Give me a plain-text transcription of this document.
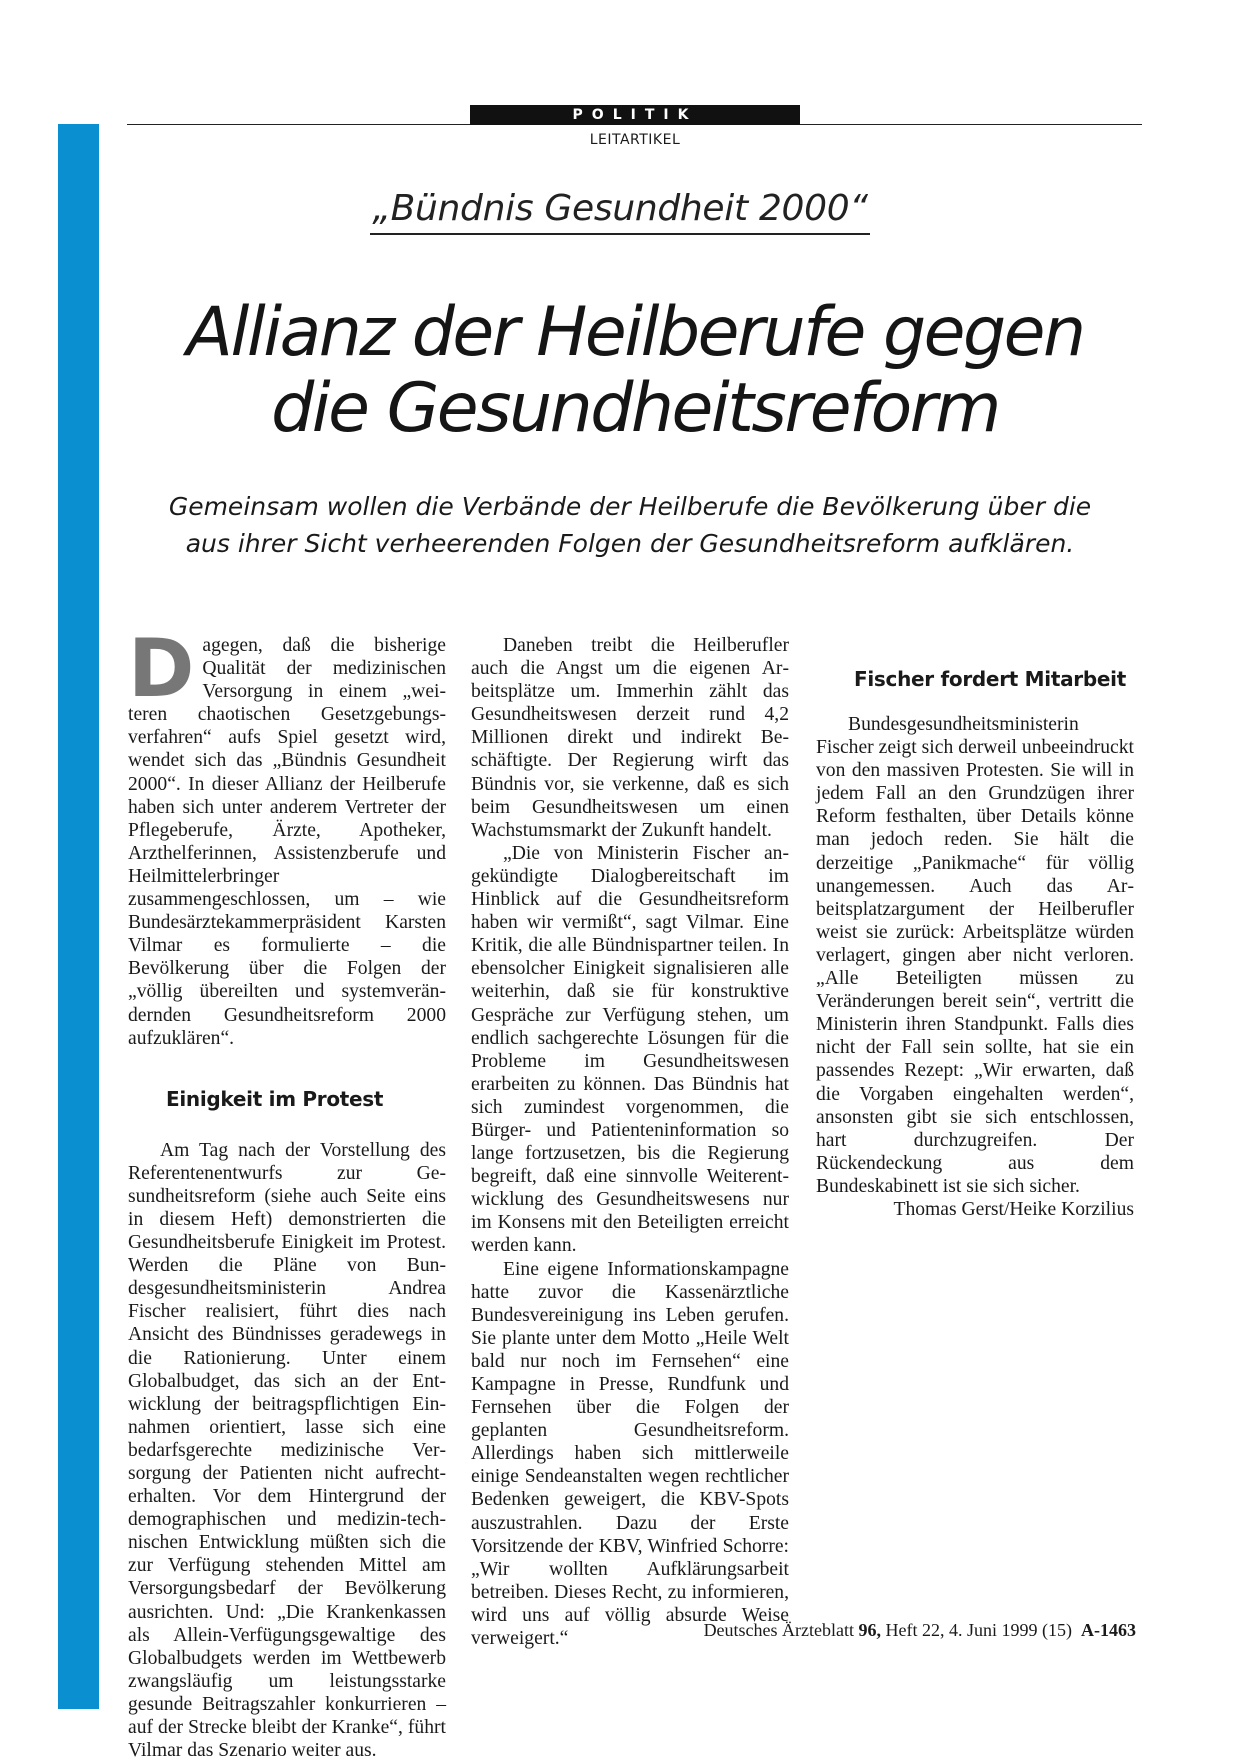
POLITIK
LEITARTIKEL
„Bündnis Gesundheit 2000“
Allianz der Heilberufe gegen
die Gesundheitsreform
Gemeinsam wollen die Verbände der Heilberufe die Bevölkerung über die
aus ihrer Sicht verheerenden Folgen der Gesundheitsreform aufklären.

Dagegen, daß die bisherige Qualität der medizinischen Versorgung in einem „weiteren chaotischen Gesetzgebungsverfahren“ aufs Spiel gesetzt wird, wendet sich das „Bündnis Gesundheit 2000“. In dieser Allianz der Heilberufe haben sich unter anderem Vertreter der Pflegeberufe, Ärzte, Apotheker, Arzthelferinnen, Assistenzberufe und Heilmittelerbringer zusammengeschlossen, um – wie Bundesärztekammerpräsident Karsten Vilmar es formulierte – die Bevölkerung über die Folgen der „völlig übereilten und systemverändernden Gesundheitsreform 2000 aufzuklären“.

Einigkeit im Protest

Am Tag nach der Vorstellung des Referentenentwurfs zur Gesundheitsreform (siehe auch Seite eins in diesem Heft) demonstrierten die Gesundheitsberufe Einigkeit im Protest. Werden die Pläne von Bundesgesundheitsministerin Andrea Fischer realisiert, führt dies nach Ansicht des Bündnisses geradewegs in die Rationierung. Unter einem Globalbudget, das sich an der Entwicklung der beitragspflichtigen Einnahmen orientiert, lasse sich eine bedarfsgerechte medizinische Versorgung der Patienten nicht aufrechterhalten. Vor dem Hintergrund der demographischen und medizin-technischen Entwicklung müßten sich die zur Verfügung stehenden Mittel am Versorgungsbedarf der Bevölkerung ausrichten. Und: „Die Krankenkassen als Allein-Verfügungsgewaltige des Globalbudgets werden im Wettbewerb zwangsläufig um leistungsstarke gesunde Beitragszahler konkurrieren – auf der Strecke bleibt der Kranke“, führt Vilmar das Szenario weiter aus.

Daneben treibt die Heilberufler auch die Angst um die eigenen Arbeitsplätze um. Immerhin zählt das Gesundheitswesen derzeit rund 4,2 Millionen direkt und indirekt Beschäftigte. Der Regierung wirft das Bündnis vor, sie verkenne, daß es sich beim Gesundheitswesen um einen Wachstumsmarkt der Zukunft handelt.

„Die von Ministerin Fischer angekündigte Dialogbereitschaft im Hinblick auf die Gesundheitsreform haben wir vermißt“, sagt Vilmar. Eine Kritik, die alle Bündnispartner teilen. In ebensolcher Einigkeit signalisieren alle weiterhin, daß sie für konstruktive Gespräche zur Verfügung stehen, um endlich sachgerechte Lösungen für die Probleme im Gesundheitswesen erarbeiten zu können. Das Bündnis hat sich zumindest vorgenommen, die Bürger- und Patienteninformation so lange fortzusetzen, bis die Regierung begreift, daß eine sinnvolle Weiterentwicklung des Gesundheitswesens nur im Konsens mit den Beteiligten erreicht werden kann.

Eine eigene Informationskampagne hatte zuvor die Kassenärztliche Bundesvereinigung ins Leben gerufen. Sie plante unter dem Motto „Heile Welt bald nur noch im Fernsehen“ eine Kampagne in Presse, Rundfunk und Fernsehen über die Folgen der geplanten Gesundheitsreform. Allerdings haben sich mittlerweile einige Sendeanstalten wegen rechtlicher Bedenken geweigert, die KBV-Spots auszustrahlen. Dazu der Erste Vorsitzende der KBV, Winfried Schorre: „Wir wollten Aufklärungsarbeit betreiben. Dieses Recht, zu informieren, wird uns auf völlig absurde Weise verweigert.“

Fischer fordert Mitarbeit

Bundesgesundheitsministerin Fischer zeigt sich derweil unbeeindruckt von den massiven Protesten. Sie will in jedem Fall an den Grundzügen ihrer Reform festhalten, über Details könne man jedoch reden. Sie hält die derzeitige „Panikmache“ für völlig unangemessen. Auch das Arbeitsplatzargument der Heilberufler weist sie zurück: Arbeitsplätze würden verlagert, gingen aber nicht verloren. „Alle Beteiligten müssen zu Veränderungen bereit sein“, vertritt die Ministerin ihren Standpunkt. Falls dies nicht der Fall sein sollte, hat sie ein passendes Rezept: „Wir erwarten, daß die Vorgaben eingehalten werden“, ansonsten gibt sie sich entschlossen, hart durchzugreifen. Der Rückendeckung aus dem Bundeskabinett ist sie sich sicher.

Thomas Gerst/Heike Korzilius

Deutsches Ärzteblatt 96, Heft 22, 4. Juni 1999 (15) A-1463
